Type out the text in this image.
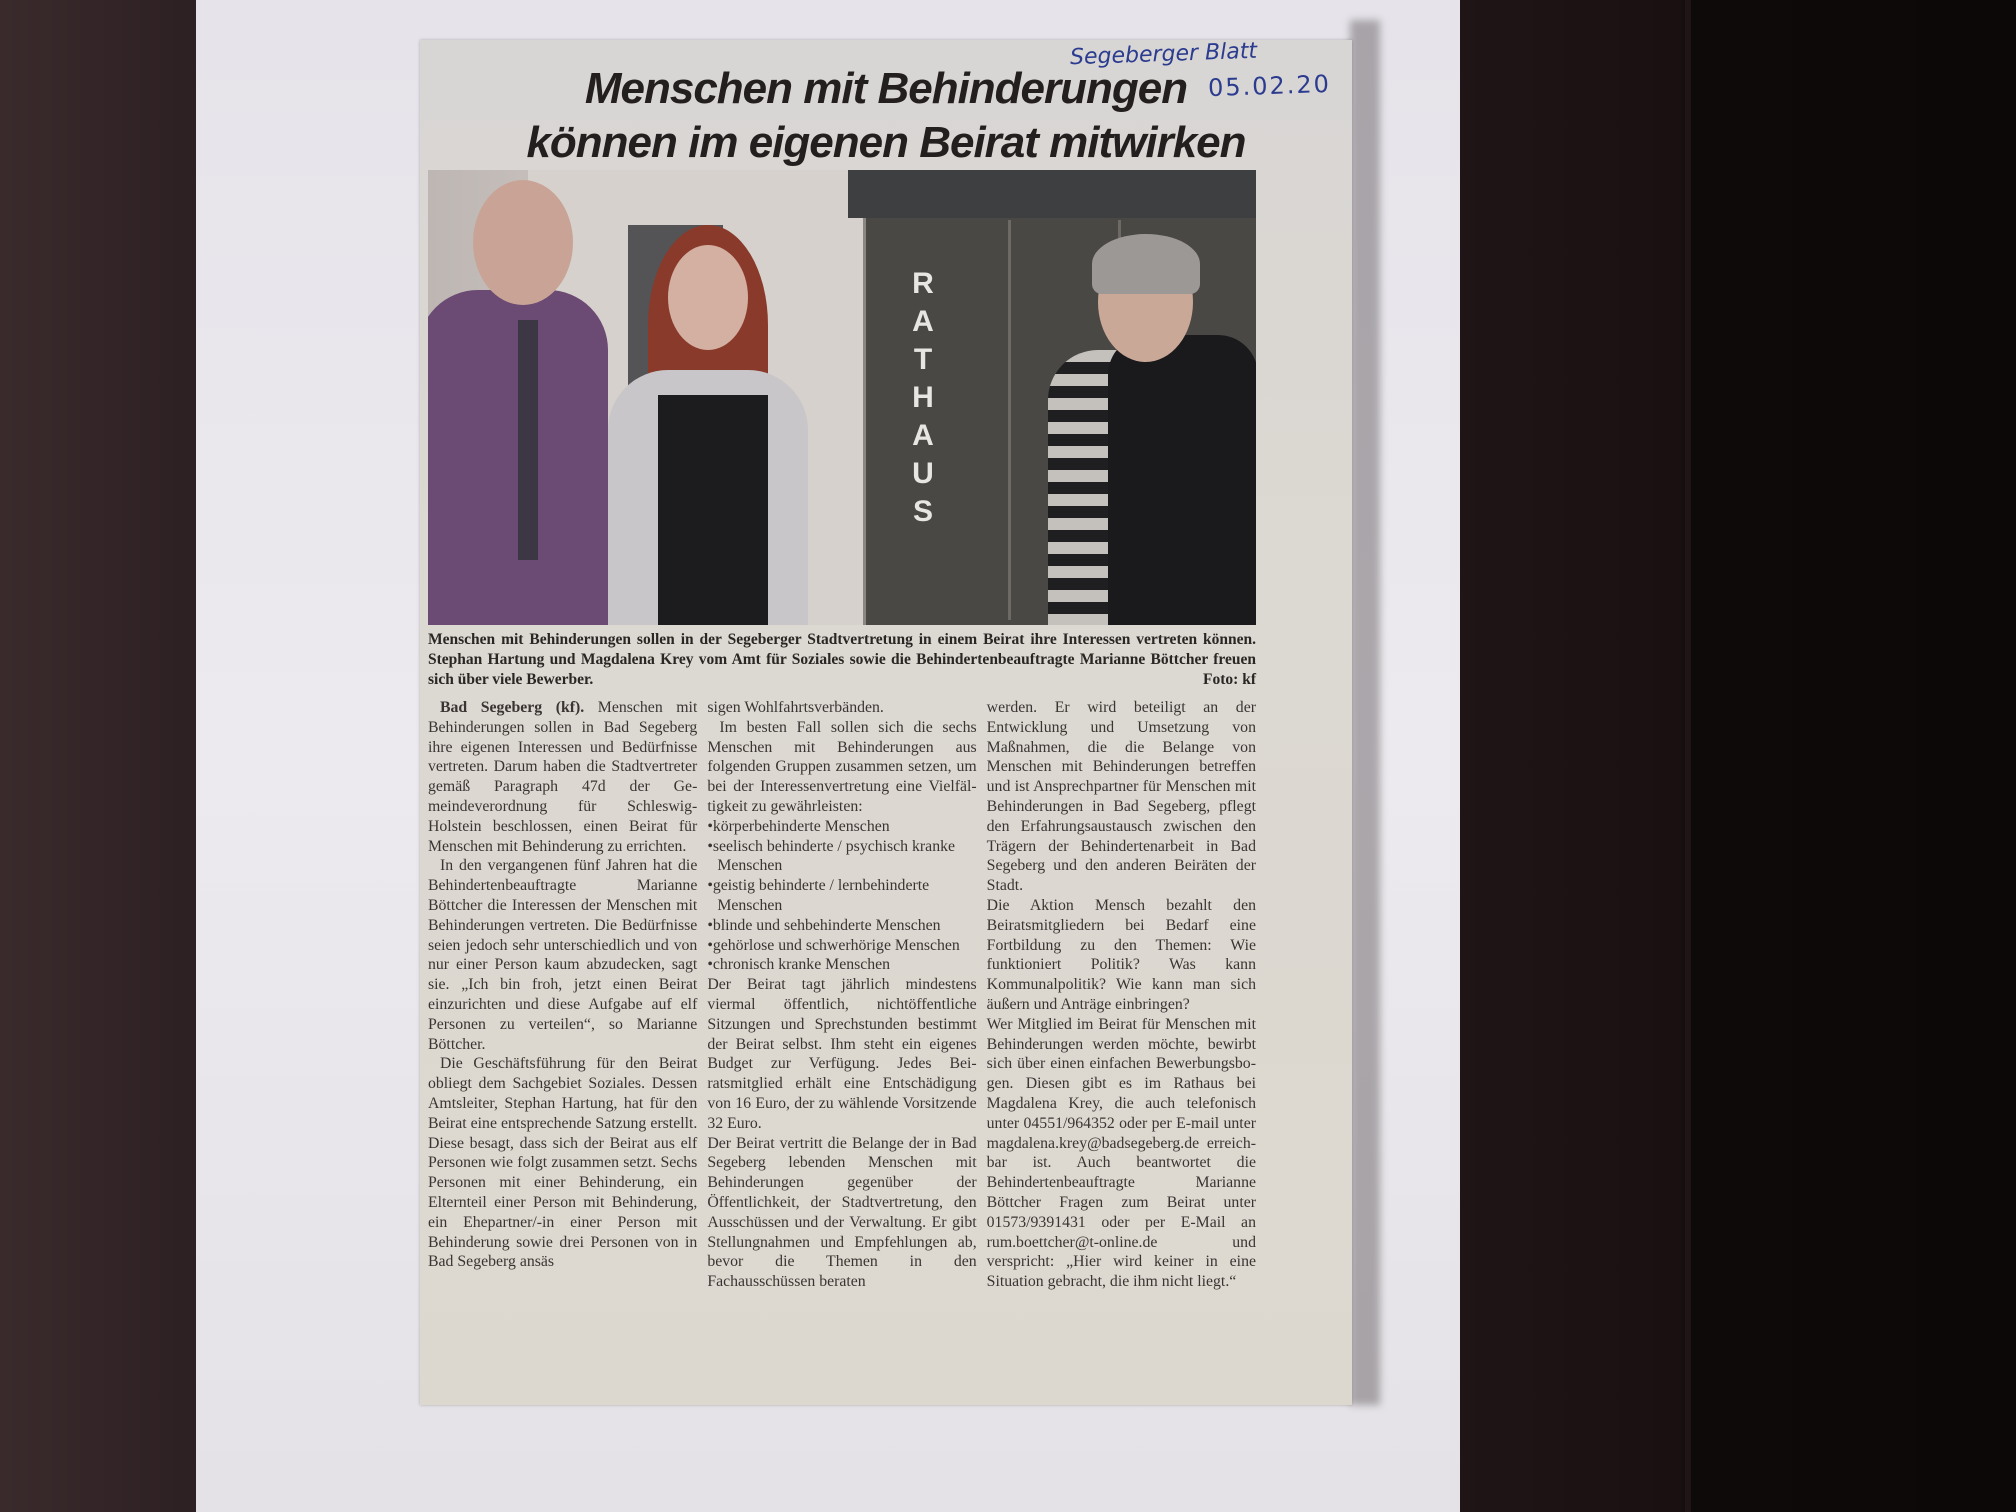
Segeberger Blatt
05.02.20
Menschen mit Behinderungen
können im eigenen Beirat mitwirken
R
A
T
H
A
U
S
Menschen mit Behinderungen sollen in der Segeberger Stadtvertretung in einem Beirat ihre Interessen vertreten können. Stephan Hartung und Magdalena Krey vom Amt für Soziales sowie die Behindertenbeauftragte Marianne Böttcher freuen sich über viele Bewerber.	Foto: kf

Bad Segeberg (kf). Menschen mit Behinderungen sollen in Bad Segeberg ihre eigenen Interessen und Bedürfnisse vertreten. Darum haben die Stadtvertreter gemäß Paragraph 47d der Gemeindeverordnung für Schleswig-Holstein beschlossen, einen Beirat für Menschen mit Behinderung zu errichten.

In den vergangenen fünf Jahren hat die Behindertenbeauftragte Marianne Böttcher die Interessen der Menschen mit Behinderungen vertreten. Die Bedürfnisse seien jedoch sehr unterschiedlich und von nur einer Person kaum abzudecken, sagt sie. „Ich bin froh, jetzt einen Beirat einzurichten und diese Aufgabe auf elf Personen zu verteilen“, so Marianne Böttcher.

Die Geschäftsführung für den Beirat obliegt dem Sachgebiet Soziales. Dessen Amtsleiter, Stephan Hartung, hat für den Beirat eine entsprechende Satzung erstellt. Diese besagt, dass sich der Beirat aus elf Personen wie folgt zusammen setzt. Sechs Personen mit einer Behinderung, ein Elternteil einer Person mit Behinderung, ein Ehepartner/-in einer Person mit Behinderung sowie drei Personen von in Bad Segeberg ansäs

sigen Wohlfahrtsverbänden.

Im besten Fall sollen sich die sechs Menschen mit Behinderungen aus folgenden Gruppen zusammen setzen, um bei der Interessenvertretung eine Vielfältigkeit zu gewährleisten:

• körperbehinderte Menschen
• seelisch behinderte / psychisch kranke Menschen
• geistig behinderte / lernbehinderte Menschen
• blinde und sehbehinderte Menschen
• gehörlose und schwerhörige Menschen
• chronisch kranke Menschen

Der Beirat tagt jährlich mindestens viermal öffentlich, nichtöffentliche Sitzungen und Sprechstunden bestimmt der Beirat selbst. Ihm steht ein eigenes Budget zur Verfügung. Jedes Beiratsmitglied erhält eine Entschädigung von 16 Euro, der zu wählende Vorsitzende 32 Euro.

Der Beirat vertritt die Belange der in Bad Segeberg lebenden Menschen mit Behinderungen gegenüber der Öffentlichkeit, der Stadtvertretung, den Ausschüssen und der Verwaltung. Er gibt Stellungnahmen und Empfehlungen ab, bevor die Themen in den Fachausschüssen beraten

werden. Er wird beteiligt an der Entwicklung und Umsetzung von Maßnahmen, die die Belange von Menschen mit Behinderungen betreffen und ist Ansprechpartner für Menschen mit Behinderungen in Bad Segeberg, pflegt den Erfahrungsaustausch zwischen den Trägern der Behindertenarbeit in Bad Segeberg und den anderen Beiräten der Stadt.

Die Aktion Mensch bezahlt den Beiratsmitgliedern bei Bedarf eine Fortbildung zu den Themen: Wie funktioniert Politik? Was kann Kommunalpolitik? Wie kann man sich äußern und Anträge einbringen?

Wer Mitglied im Beirat für Menschen mit Behinderungen werden möchte, bewirbt sich über einen einfachen Bewerbungsbogen. Diesen gibt es im Rathaus bei Magdalena Krey, die auch telefonisch unter 04551/964352 oder per E-mail unter magdalena.krey@badsegeberg.de erreichbar ist. Auch beantwortet die Behindertenbeauftragte Marianne Böttcher Fragen zum Beirat unter 01573/9391431 oder per E-Mail an rum.boettcher@t-online.de und verspricht: „Hier wird keiner in eine Situation gebracht, die ihm nicht liegt.“
